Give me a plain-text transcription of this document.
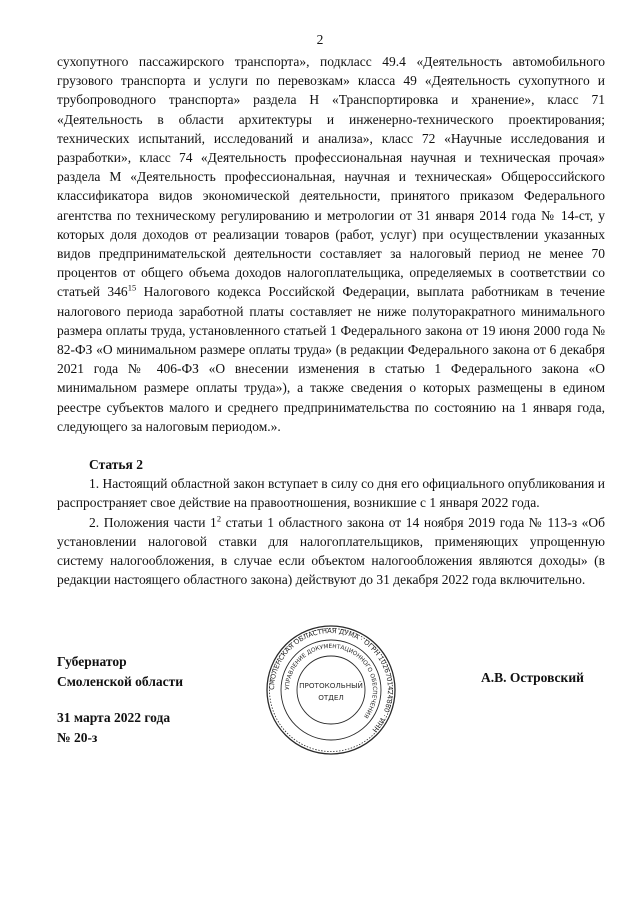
2

сухопутного пассажирского транспорта», подкласс 49.4 «Деятельность автомобильного грузового транспорта и услуги по перевозкам» класса 49 «Деятельность сухопутного и трубопроводного транспорта» раздела H «Транспортировка и хранение», класс 71 «Деятельность в области архитектуры и инженерно-технического проектирования; технических испытаний, исследований и анализа», класс 72 «Научные исследования и разработки», класс 74 «Деятельность профессиональная научная и техническая прочая» раздела M «Деятельность профессиональная, научная и техническая» Общероссийского классификатора видов экономической деятельности, принятого приказом Федерального агентства по техническому регулированию и метрологии от 31 января 2014 года № 14-ст, у которых доля доходов от реализации товаров (работ, услуг) при осуществлении указанных видов предпринимательской деятельности составляет за налоговый период не менее 70 процентов от общего объема доходов налогоплательщика, определяемых в соответствии со статьей $346^{15}$ Налогового кодекса Российской Федерации, выплата работникам в течение налогового периода заработной платы составляет не ниже полуторакратного минимального размера оплаты труда, установленного статьей 1 Федерального закона от 19 июня 2000 года № 82-ФЗ «О минимальном размере оплаты труда» (в редакции Федерального закона от 6 декабря 2021 года № 406-ФЗ «О внесении изменения в статью 1 Федерального закона «О минимальном размере оплаты труда»), а также сведения о которых размещены в едином реестре субъектов малого и среднего предпринимательства по состоянию на 1 января года, следующего за налоговым периодом.».

Статья 2

1. Настоящий областной закон вступает в силу со дня его официального опубликования и распространяет свое действие на правоотношения, возникшие с 1 января 2022 года.

2. Положения части $1^2$ статьи 1 областного закона от 14 ноября 2019 года № 113-з «Об установлении налоговой ставки для налогоплательщиков, применяющих упрощенную систему налогообложения, в случае если объектом налогообложения являются доходы» (в редакции настоящего областного закона) действуют до 31 декабря 2022 года включительно.

Губернатор
Смоленской области	А.В. Островский
31 марта 2022 года
№ 20-з
СМОЛЕНСКАЯ ОБЛАСТНАЯ ДУМА · ОГРН 1026701424880 · ИНН
УПРАВЛЕНИЕ ДОКУМЕНТАЦИОННОГО ОБЕСПЕЧЕНИЯ
ПРОТОКОЛЬНЫЙ
ОТДЕЛ
